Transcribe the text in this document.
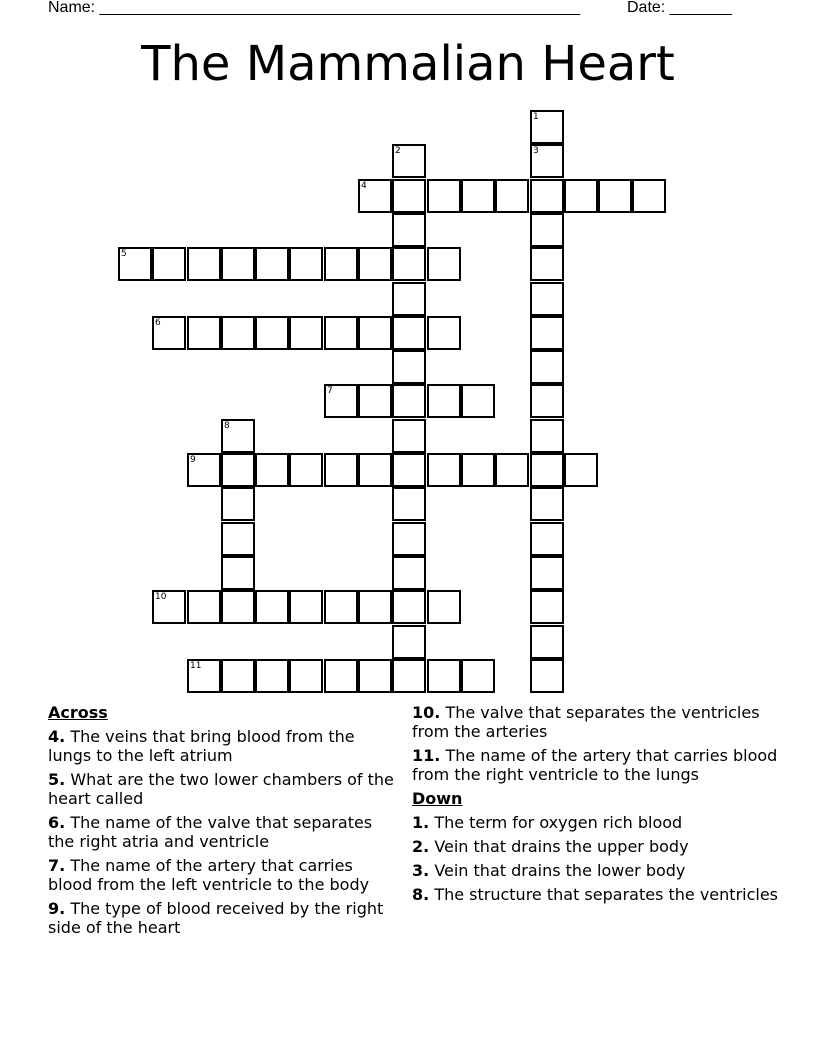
Name: ______________________________________________________	Date: _______
The Mammalian Heart
1
3
2
4
5
6
7
8
9
10
11
Across
4. The veins that bring blood from the lungs to the left atrium
5. What are the two lower chambers of the heart called
6. The name of the valve that separates the right atria and ventricle
7. The name of the artery that carries blood from the left ventricle to the body
9. The type of blood received by the right side of the heart
10. The valve that separates the ventricles from the arteries
11. The name of the artery that carries blood from the right ventricle to the lungs
Down
1. The term for oxygen rich blood
2. Vein that drains the upper body
3. Vein that drains the lower body
8. The structure that separates the ventricles
